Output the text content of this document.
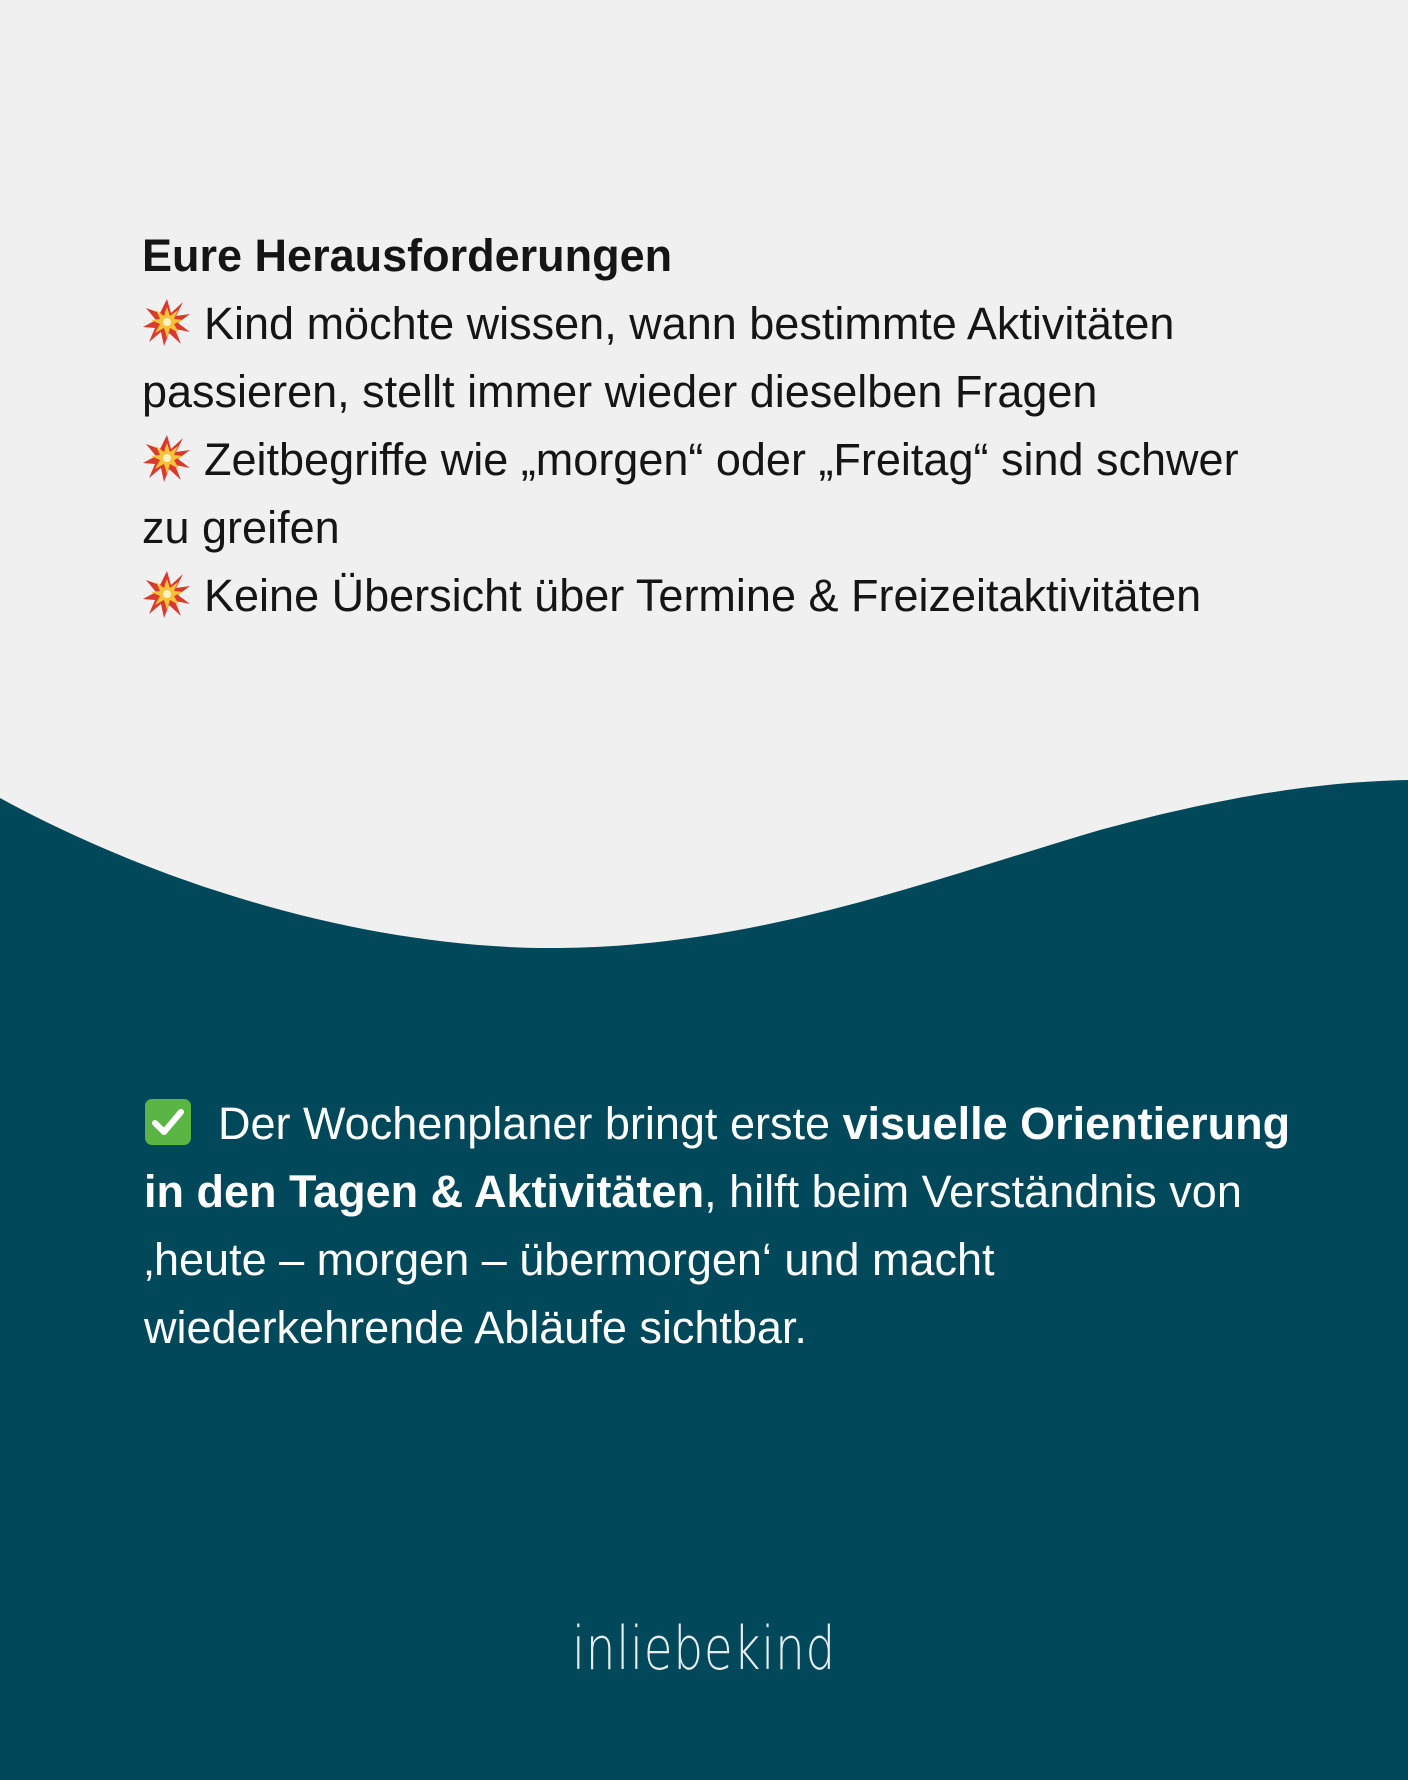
Eure Herausforderungen

Kind möchte wissen, wann bestimmte Aktivitäten passieren, stellt immer wieder dieselben Fragen

Zeitbegriffe wie „morgen“ oder „Freitag“ sind schwer zu greifen

Keine Übersicht über Termine & Freizeitaktivitäten

Der Wochenplaner bringt erste visuelle Orientierung in den Tagen & Aktivitäten, hilft beim Verständnis von ‚heute – morgen – übermorgen‘ und macht wiederkehrende Abläufe sichtbar.

inliebekind
